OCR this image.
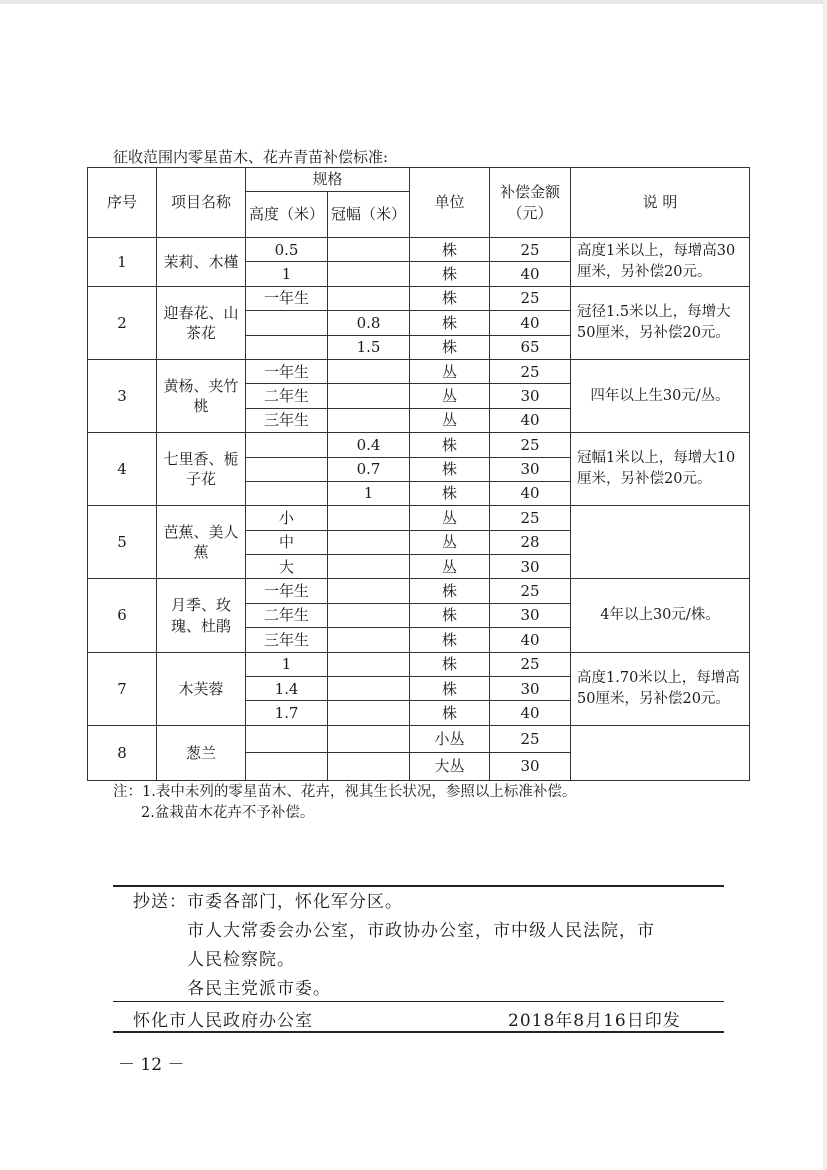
征收范围内零星苗木、花卉青苗补偿标准:
序号	项目名称	规格		单位	补偿金额（元）	说 明
		高度（米）	冠幅（米）			
1	茉莉、木槿	0.5		株	25	高度1米以上，每增高30厘米，另补偿20元。
		1		株	40	
2	迎春花、山茶花	一年生		株	25	冠径1.5米以上，每增大50厘米，另补偿20元。
			0.8	株	40	
			1.5	株	65	
3	黄杨、夹竹桃	一年生		丛	25	四年以上生30元/丛。
		二年生		丛	30	
		三年生		丛	40	
4	七里香、栀子花		0.4	株	25	冠幅1米以上，每增大10厘米，另补偿20元。
			0.7	株	30	
			1	株	40	
5	芭蕉、美人蕉	小		丛	25	
		中		丛	28	
		大		丛	30	
6	月季、玫瑰、杜鹃	一年生		株	25	4年以上30元/株。
		二年生		株	30	
		三年生		株	40	
7	木芙蓉	1		株	25	高度1.70米以上，每增高50厘米，另补偿20元。
		1.4		株	30	
		1.7		株	40	
8	葱兰			小丛	25	
				大丛	30	
注：1.表中未列的零星苗木、花卉，视其生长状况，参照以上标准补偿。
2.盆栽苗木花卉不予补偿。
抄送：市委各部门，怀化军分区。
市人大常委会办公室，市政协办公室，市中级人民法院，市
人民检察院。
各民主党派市委。
怀化市人民政府办公室	2018年8月16日印发
－ 12 －
